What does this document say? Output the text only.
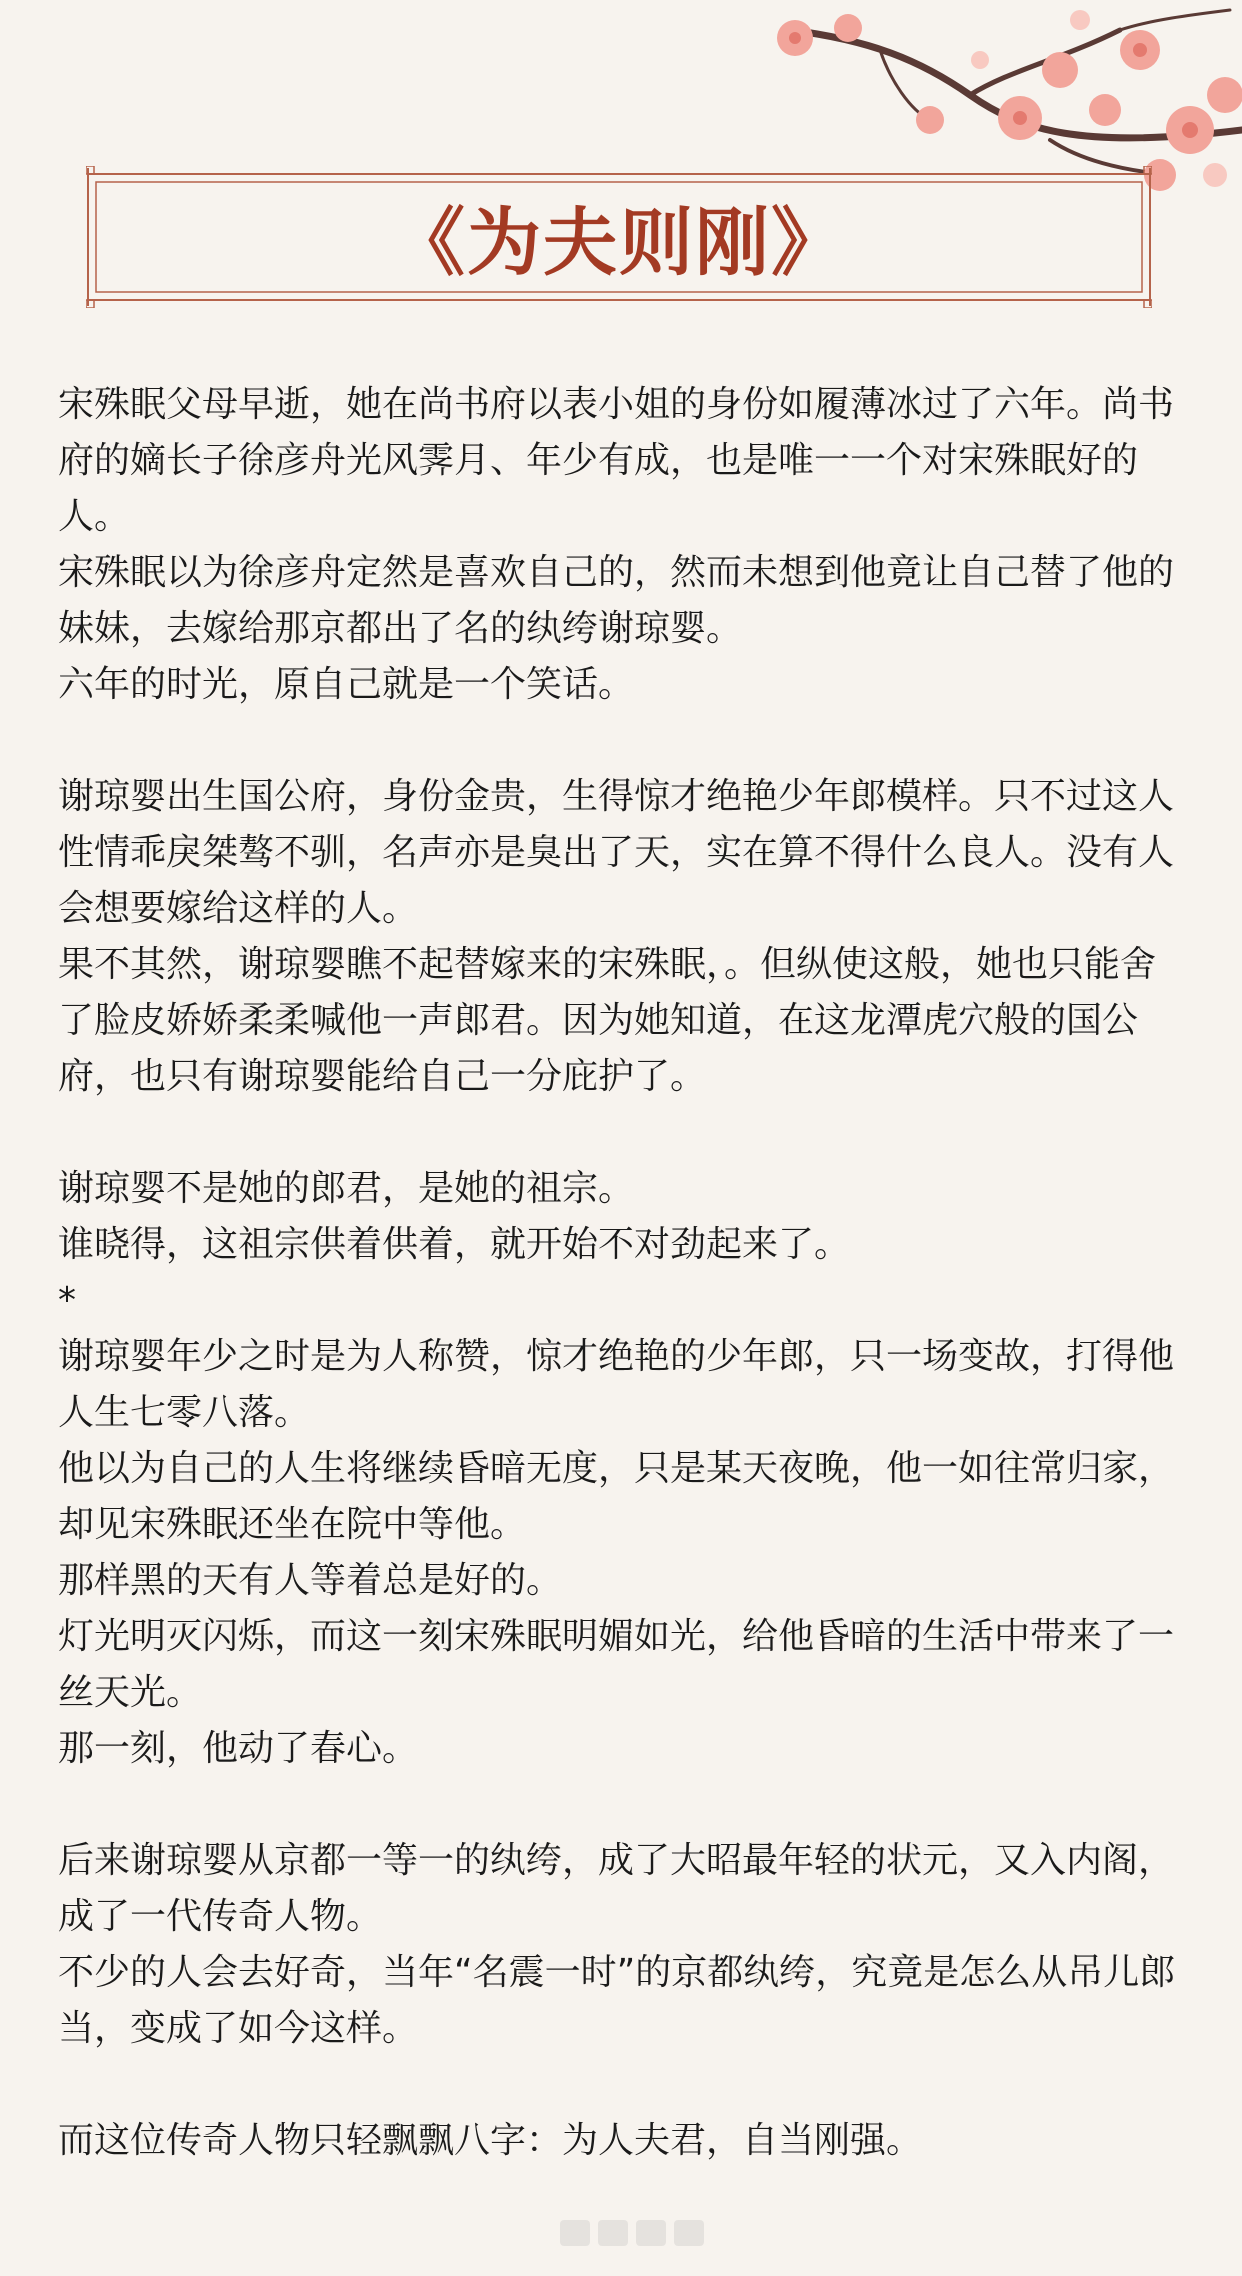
《为夫则刚》

宋殊眠父母早逝，她在尚书府以表小姐的身份如履薄冰过了六年。尚书府的嫡长子徐彦舟光风霁月、年少有成，也是唯一一个对宋殊眠好的人。

宋殊眠以为徐彦舟定然是喜欢自己的，然而未想到他竟让自己替了他的妹妹，去嫁给那京都出了名的纨绔谢琼婴。

六年的时光，原自己就是一个笑话。

谢琼婴出生国公府，身份金贵，生得惊才绝艳少年郎模样。只不过这人性情乖戾桀骜不驯，名声亦是臭出了天，实在算不得什么良人。没有人会想要嫁给这样的人。

果不其然，谢琼婴瞧不起替嫁来的宋殊眠，。但纵使这般，她也只能舍了脸皮娇娇柔柔喊他一声郎君。因为她知道，在这龙潭虎穴般的国公府，也只有谢琼婴能给自己一分庇护了。

谢琼婴不是她的郎君，是她的祖宗。

谁晓得，这祖宗供着供着，就开始不对劲起来了。

*

谢琼婴年少之时是为人称赞，惊才绝艳的少年郎，只一场变故，打得他人生七零八落。

他以为自己的人生将继续昏暗无度，只是某天夜晚，他一如往常归家，却见宋殊眠还坐在院中等他。

那样黑的天有人等着总是好的。

灯光明灭闪烁，而这一刻宋殊眠明媚如光，给他昏暗的生活中带来了一丝天光。

那一刻，他动了春心。

后来谢琼婴从京都一等一的纨绔，成了大昭最年轻的状元，又入内阁，成了一代传奇人物。

不少的人会去好奇，当年“名震一时”的京都纨绔，究竟是怎么从吊儿郎当，变成了如今这样。

而这位传奇人物只轻飘飘八字：为人夫君，自当刚强。
